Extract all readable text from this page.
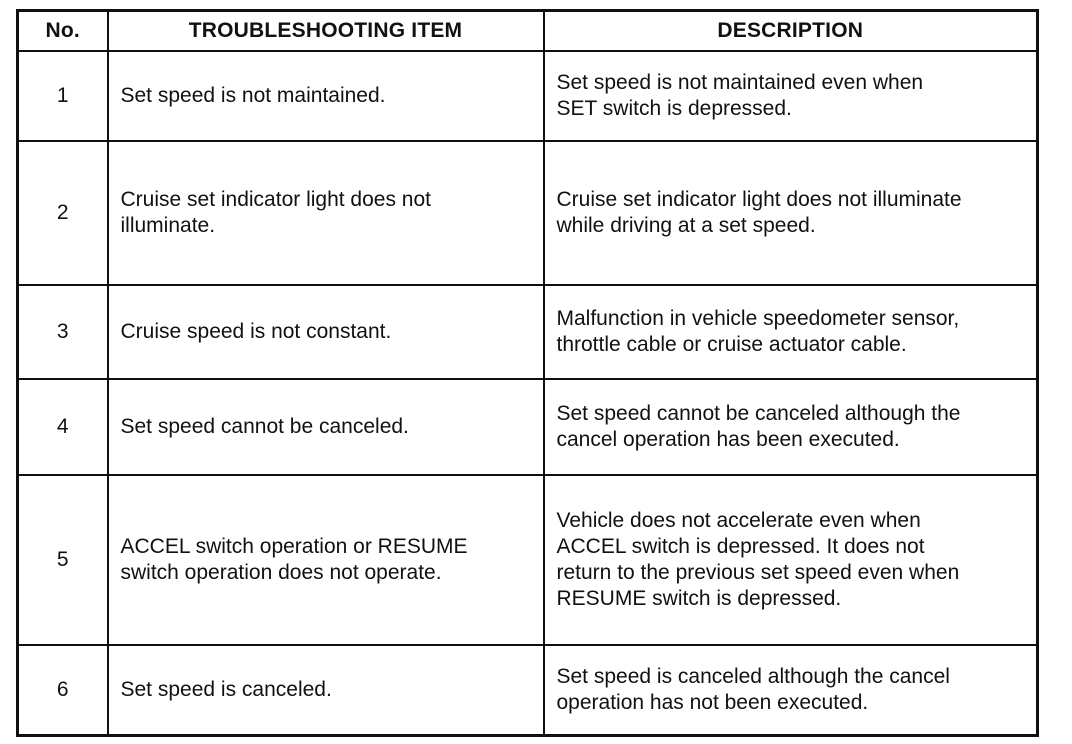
No.	TROUBLESHOOTING ITEM	DESCRIPTION
1	Set speed is not maintained.	Set speed is not maintained even when
SET switch is depressed.

2	Cruise set indicator light does not
illuminate.	Cruise set indicator light does not illuminate
while driving at a set speed.

3	Cruise speed is not constant.	Malfunction in vehicle speedometer sensor,
throttle cable or cruise actuator cable.

4	Set speed cannot be canceled.	Set speed cannot be canceled although the
cancel operation has been executed.

5	ACCEL switch operation or RESUME
switch operation does not operate.	Vehicle does not accelerate even when
ACCEL switch is depressed. It does not
return to the previous set speed even when
RESUME switch is depressed.

6	Set speed is canceled.	Set speed is canceled although the cancel
operation has not been executed.
